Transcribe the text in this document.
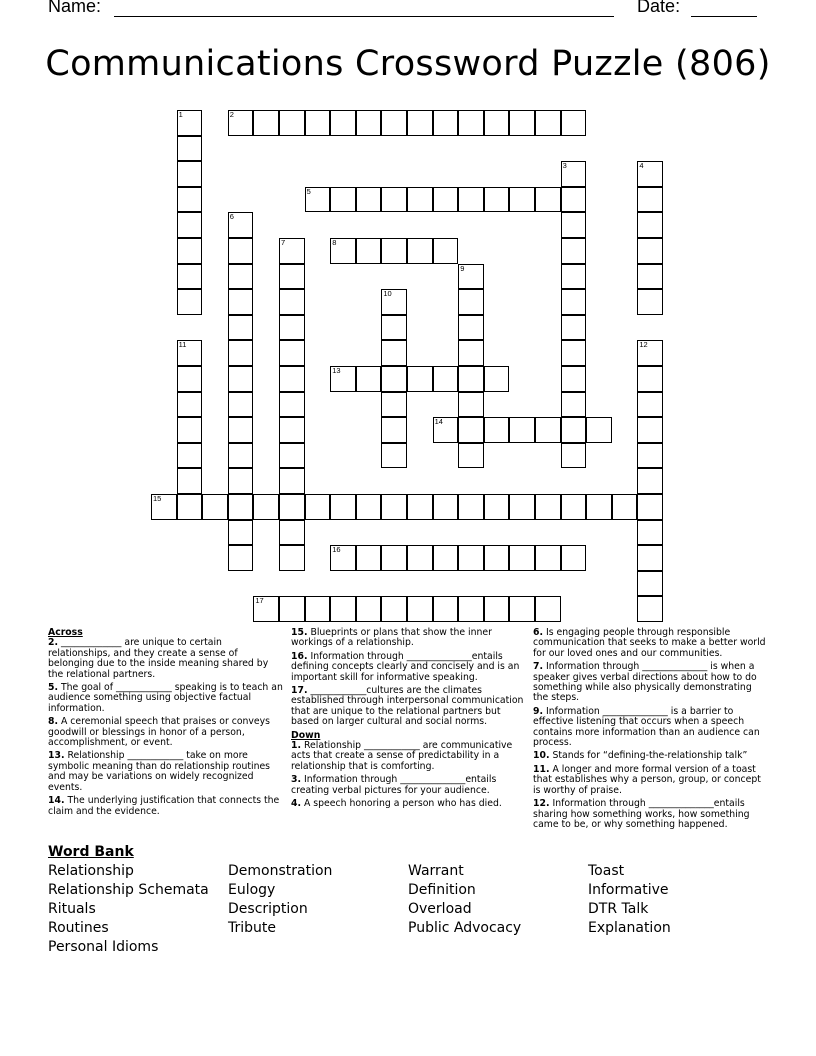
Name:	Date:
Communications Crossword Puzzle (806)
2
5
8
13
14
15
16
17
1
3	4
6
7
9
10
11	12
Across
2. _____________ are unique to certain relationships, and they create a sense of belonging due to the inside meaning shared by the relational partners.
5. The goal of ____________ speaking is to teach an audience something using objective factual information.
8. A ceremonial speech that praises or conveys goodwill or blessings in honor of a person, accomplishment, or event.
13. Relationship ____________ take on more symbolic meaning than do relationship routines and may be variations on widely recognized events.
14. The underlying justification that connects the claim and the evidence.
15. Blueprints or plans that show the inner workings of a relationship.
16. Information through ______________entails defining concepts clearly and concisely and is an important skill for informative speaking.
17. ____________cultures are the climates established through interpersonal communication that are unique to the relational partners but based on larger cultural and social norms.
Down
1. Relationship ____________ are communicative acts that create a sense of predictability in a relationship that is comforting.
3. Information through ______________entails creating verbal pictures for your audience.
4. A speech honoring a person who has died.
6. Is engaging people through responsible communication that seeks to make a better world for our loved ones and our communities.
7. Information through ______________ is when a speaker gives verbal directions about how to do something while also physically demonstrating the steps.
9. Information ______________ is a barrier to effective listening that occurs when a speech contains more information than an audience can process.
10. Stands for “defining-the-relationship talk”
11. A longer and more formal version of a toast that establishes why a person, group, or concept is worthy of praise.
12. Information through ______________entails sharing how something works, how something came to be, or why something happened.
Word Bank
Relationship
Relationship Schemata
Rituals
Routines
Personal Idioms
Demonstration
Eulogy
Description
Tribute
Warrant
Definition
Overload
Public Advocacy
Toast
Informative
DTR Talk
Explanation
